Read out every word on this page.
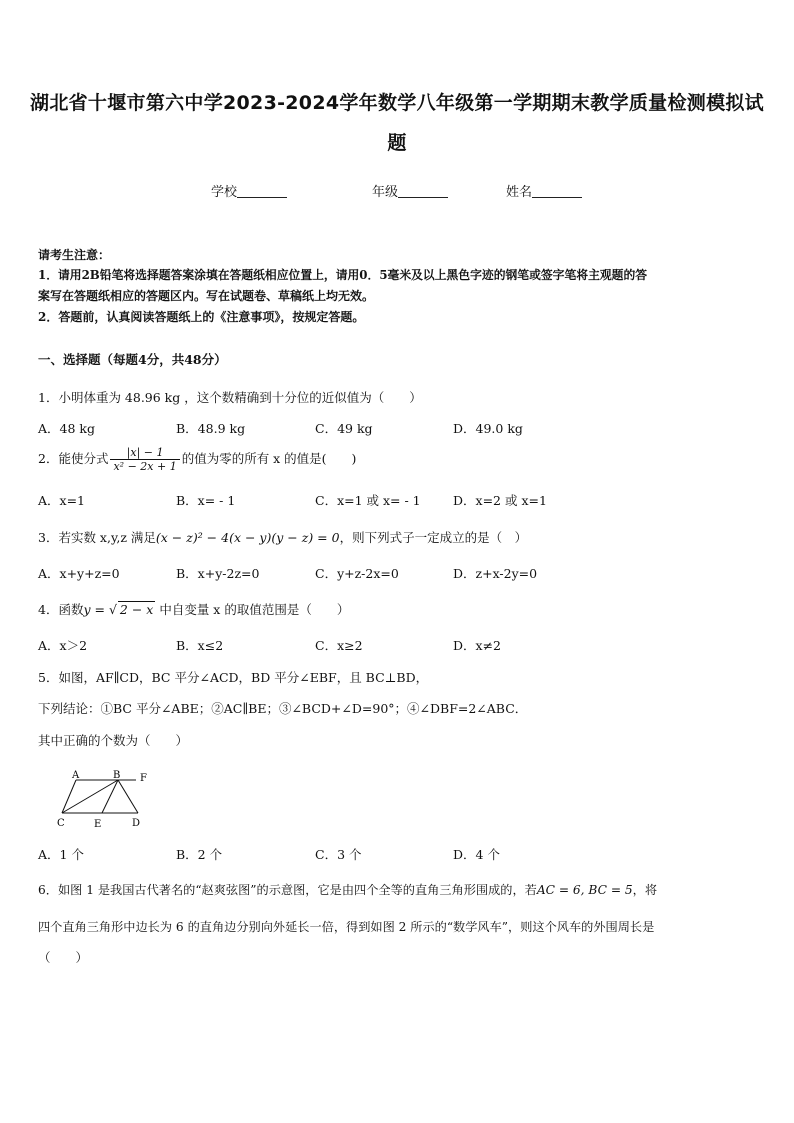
湖北省十堰市第六中学2023-2024学年数学八年级第一学期期末教学质量检测模拟试
题
学校	年级	姓名
请考生注意：
1．请用2B铅笔将选择题答案涂填在答题纸相应位置上，请用0．5毫米及以上黑色字迹的钢笔或签字笔将主观题的答
案写在答题纸相应的答题区内。写在试题卷、草稿纸上均无效。
2．答题前，认真阅读答题纸上的《注意事项》，按规定答题。
一、选择题（每题4分，共48分）
1．小明体重为 48.96 kg ，这个数精确到十分位的近似值为（　　）
A．48 kg	B．48.9 kg	C．49 kg	D．49.0 kg
2．能使分式 $\frac{|x| - 1}{\text{x² − 2x + 1}}$ 的值为零的所有 x 的值是(　　)
A．x=1	B．x= - 1	C．x=1 或 x= - 1	D．x=2 或 x=1
3．若实数 x,y,z 满足(x − z)² − 4(x − y)(y − z) = 0，则下列式子一定成立的是（　）
A．x+y+z=0	B．x+y-2z=0	C．y+z-2x=0	D．z+x-2y=0
4．函数y = √ 2 − x 中自变量 x 的取值范围是（　　）
A．x＞2	B．x≤2	C．x≥2	D．x≠2
5．如图，AF∥CD，BC 平分∠ACD，BD 平分∠EBF，且 BC⊥BD，
下列结论：①BC 平分∠ABE；②AC∥BE；③∠BCD+∠D=90°；④∠DBF=2∠ABC．
其中正确的个数为（　　）
A	B F
C	E	D
A．1 个	B．2 个	C．3 个	D．4 个
6．如图 1 是我国古代著名的“赵爽弦图”的示意图，它是由四个全等的直角三角形围成的，若AC = 6, BC = 5，将
四个直角三角形中边长为 6 的直角边分别向外延长一倍，得到如图 2 所示的“数学风车”，则这个风车的外围周长是
（　　）
